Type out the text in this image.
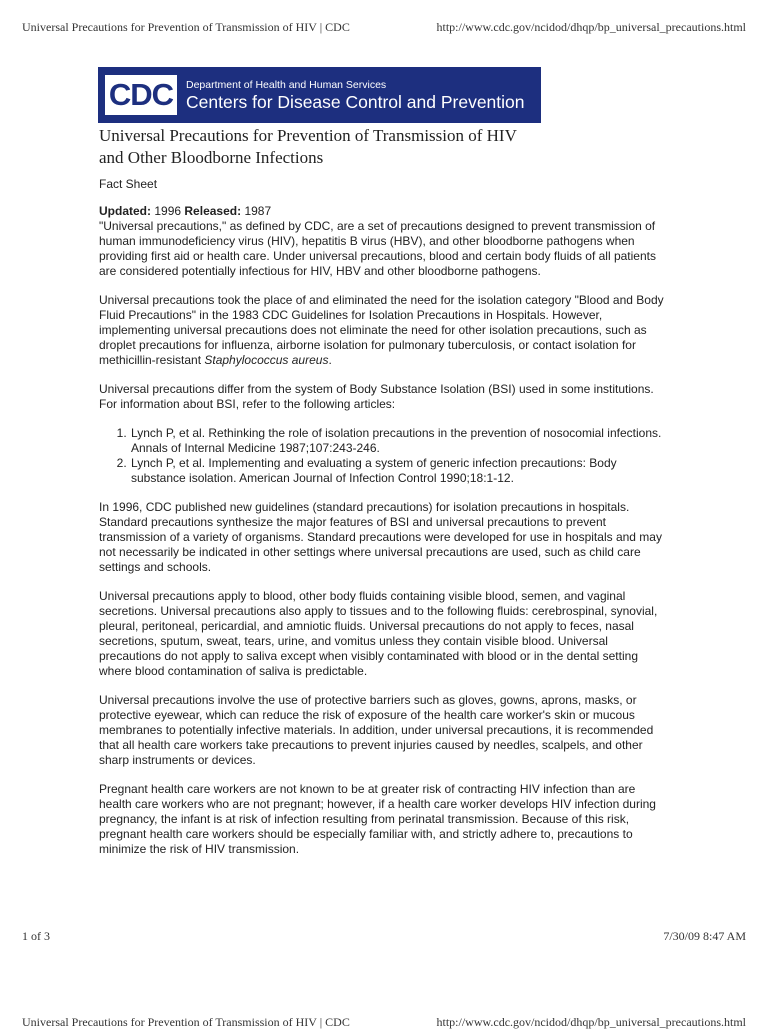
Universal Precautions for Prevention of Transmission of HIV | CDC	http://www.cdc.gov/ncidod/dhqp/bp_universal_precautions.html
CDC	Department of Health and Human Services
Centers for Disease Control and Prevention
Universal Precautions for Prevention of Transmission of HIV
and Other Bloodborne Infections
Fact Sheet
Updated: 1996 Released: 1987

"Universal precautions," as defined by CDC, are a set of precautions designed to prevent transmission of human immunodeficiency virus (HIV), hepatitis B virus (HBV), and other bloodborne pathogens when providing first aid or health care. Under universal precautions, blood and certain body fluids of all patients are considered potentially infectious for HIV, HBV and other bloodborne pathogens.

Universal precautions took the place of and eliminated the need for the isolation category "Blood and Body Fluid Precautions" in the 1983 CDC Guidelines for Isolation Precautions in Hospitals. However, implementing universal precautions does not eliminate the need for other isolation precautions, such as droplet precautions for influenza, airborne isolation for pulmonary tuberculosis, or contact isolation for methicillin-resistant Staphylococcus aureus.

Universal precautions differ from the system of Body Substance Isolation (BSI) used in some institutions. For information about BSI, refer to the following articles:

1. Lynch P, et al. Rethinking the role of isolation precautions in the prevention of nosocomial infections. Annals of Internal Medicine 1987;107:243-246.
2. Lynch P, et al. Implementing and evaluating a system of generic infection precautions: Body substance isolation. American Journal of Infection Control 1990;18:1-12.

In 1996, CDC published new guidelines (standard precautions) for isolation precautions in hospitals. Standard precautions synthesize the major features of BSI and universal precautions to prevent transmission of a variety of organisms. Standard precautions were developed for use in hospitals and may not necessarily be indicated in other settings where universal precautions are used, such as child care settings and schools.

Universal precautions apply to blood, other body fluids containing visible blood, semen, and vaginal secretions. Universal precautions also apply to tissues and to the following fluids: cerebrospinal, synovial, pleural, peritoneal, pericardial, and amniotic fluids. Universal precautions do not apply to feces, nasal secretions, sputum, sweat, tears, urine, and vomitus unless they contain visible blood. Universal precautions do not apply to saliva except when visibly contaminated with blood or in the dental setting where blood contamination of saliva is predictable.

Universal precautions involve the use of protective barriers such as gloves, gowns, aprons, masks, or protective eyewear, which can reduce the risk of exposure of the health care worker's skin or mucous membranes to potentially infective materials. In addition, under universal precautions, it is recommended that all health care workers take precautions to prevent injuries caused by needles, scalpels, and other sharp instruments or devices.

Pregnant health care workers are not known to be at greater risk of contracting HIV infection than are health care workers who are not pregnant; however, if a health care worker develops HIV infection during pregnancy, the infant is at risk of infection resulting from perinatal transmission. Because of this risk, pregnant health care workers should be especially familiar with, and strictly adhere to, precautions to minimize the risk of HIV transmission.

1 of 3	7/30/09 8:47 AM
Universal Precautions for Prevention of Transmission of HIV | CDC	http://www.cdc.gov/ncidod/dhqp/bp_universal_precautions.html
